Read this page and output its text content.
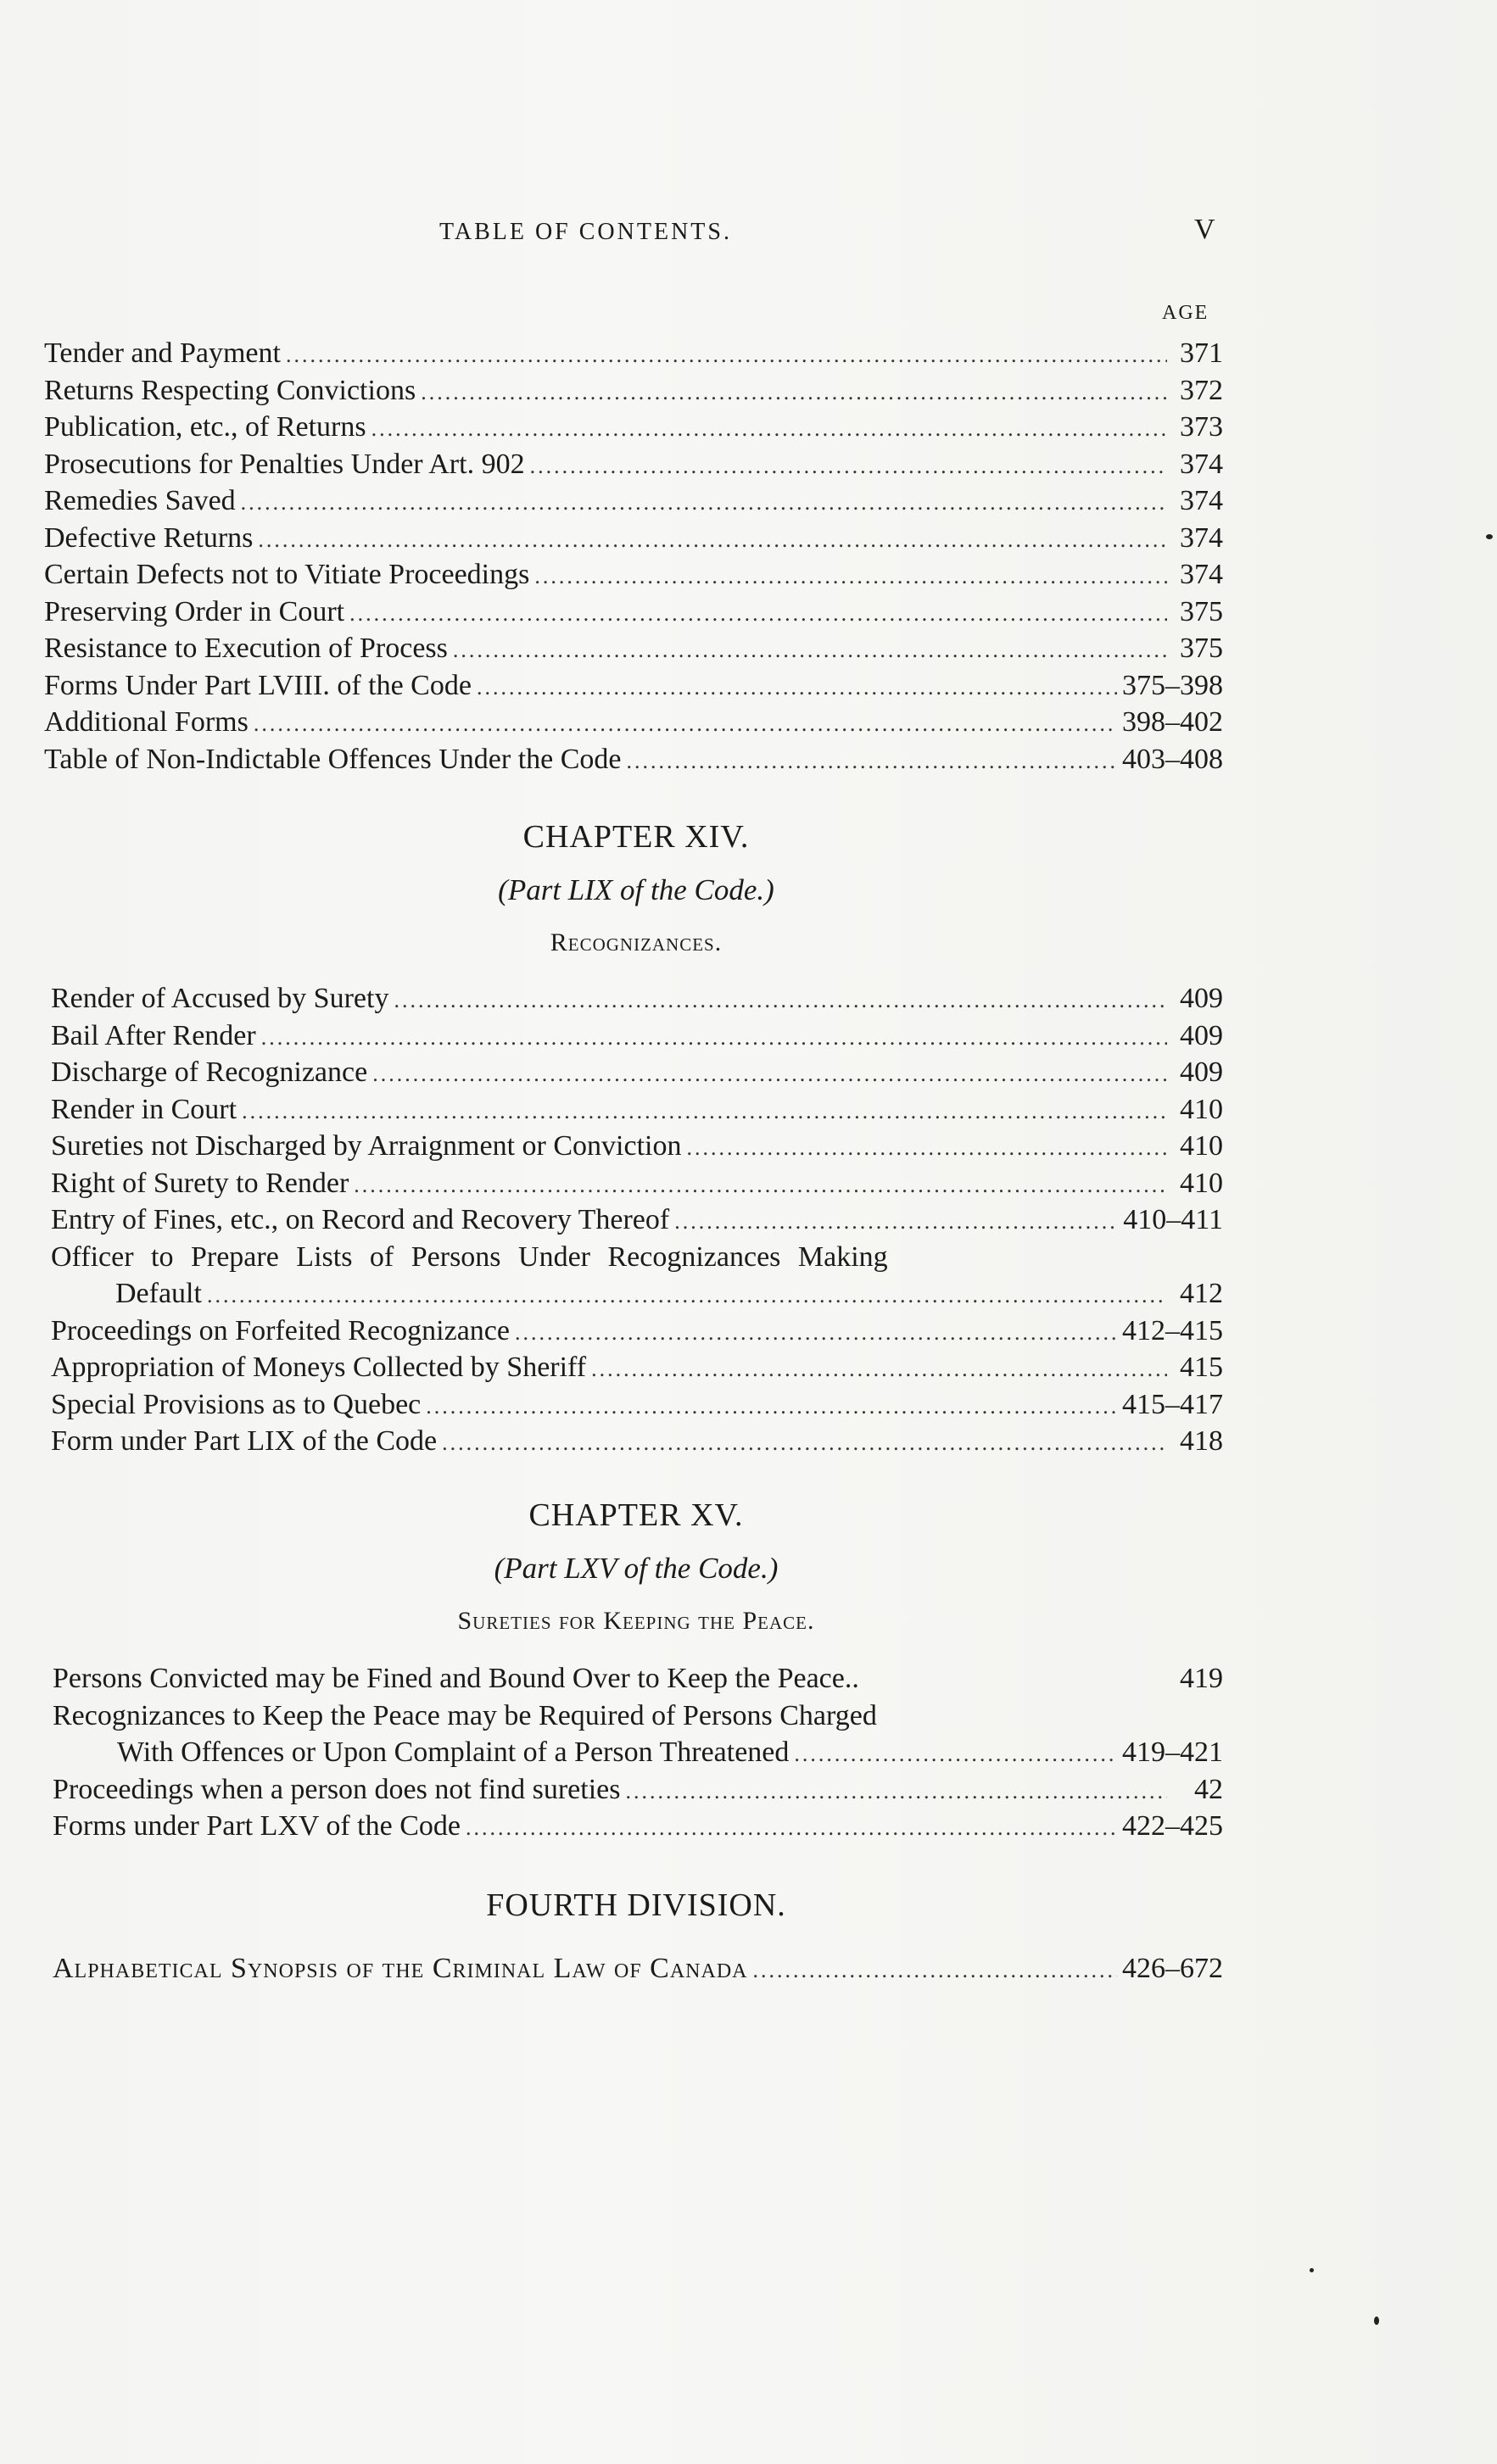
TABLE OF CONTENTS.	V
AGE
Tender and Payment .....	371
Returns Respecting Convictions .....	372
Publication, etc., of Returns .....	373
Prosecutions for Penalties Under Art. 902 .....	374
Remedies Saved .....	374
Defective Returns .....	374
Certain Defects not to Vitiate Proceedings .....	374
Preserving Order in Court .....	375
Resistance to Execution of Process .....	375
Forms Under Part LVIII. of the Code .....	375–398
Additional Forms .....	398–402
Table of Non-Indictable Offences Under the Code .....	403–408
CHAPTER XIV.
(Part LIX of the Code.)
Recognizances.
Render of Accused by Surety .....	409
Bail After Render .....	409
Discharge of Recognizance .....	409
Render in Court .....	410
Sureties not Discharged by Arraignment or Conviction .....	410
Right of Surety to Render .....	410
Entry of Fines, etc., on Record and Recovery Thereof .....	410–411
Officer to Prepare Lists of Persons Under Recognizances Making
Default .....	412
Proceedings on Forfeited Recognizance .....	412–415
Appropriation of Moneys Collected by Sheriff .....	415
Special Provisions as to Quebec .....	415–417
Form under Part LIX of the Code .....	418
CHAPTER XV.
(Part LXV of the Code.)
Sureties for Keeping the Peace.
Persons Convicted may be Fined and Bound Over to Keep the Peace..	419
Recognizances to Keep the Peace may be Required of Persons Charged
With Offences or Upon Complaint of a Person Threatened .....	419–421
Proceedings when a person does not find sureties .....	42
Forms under Part LXV of the Code .....	422–425
FOURTH DIVISION.
Alphabetical Synopsis of the Criminal Law of Canada .....	426–672
